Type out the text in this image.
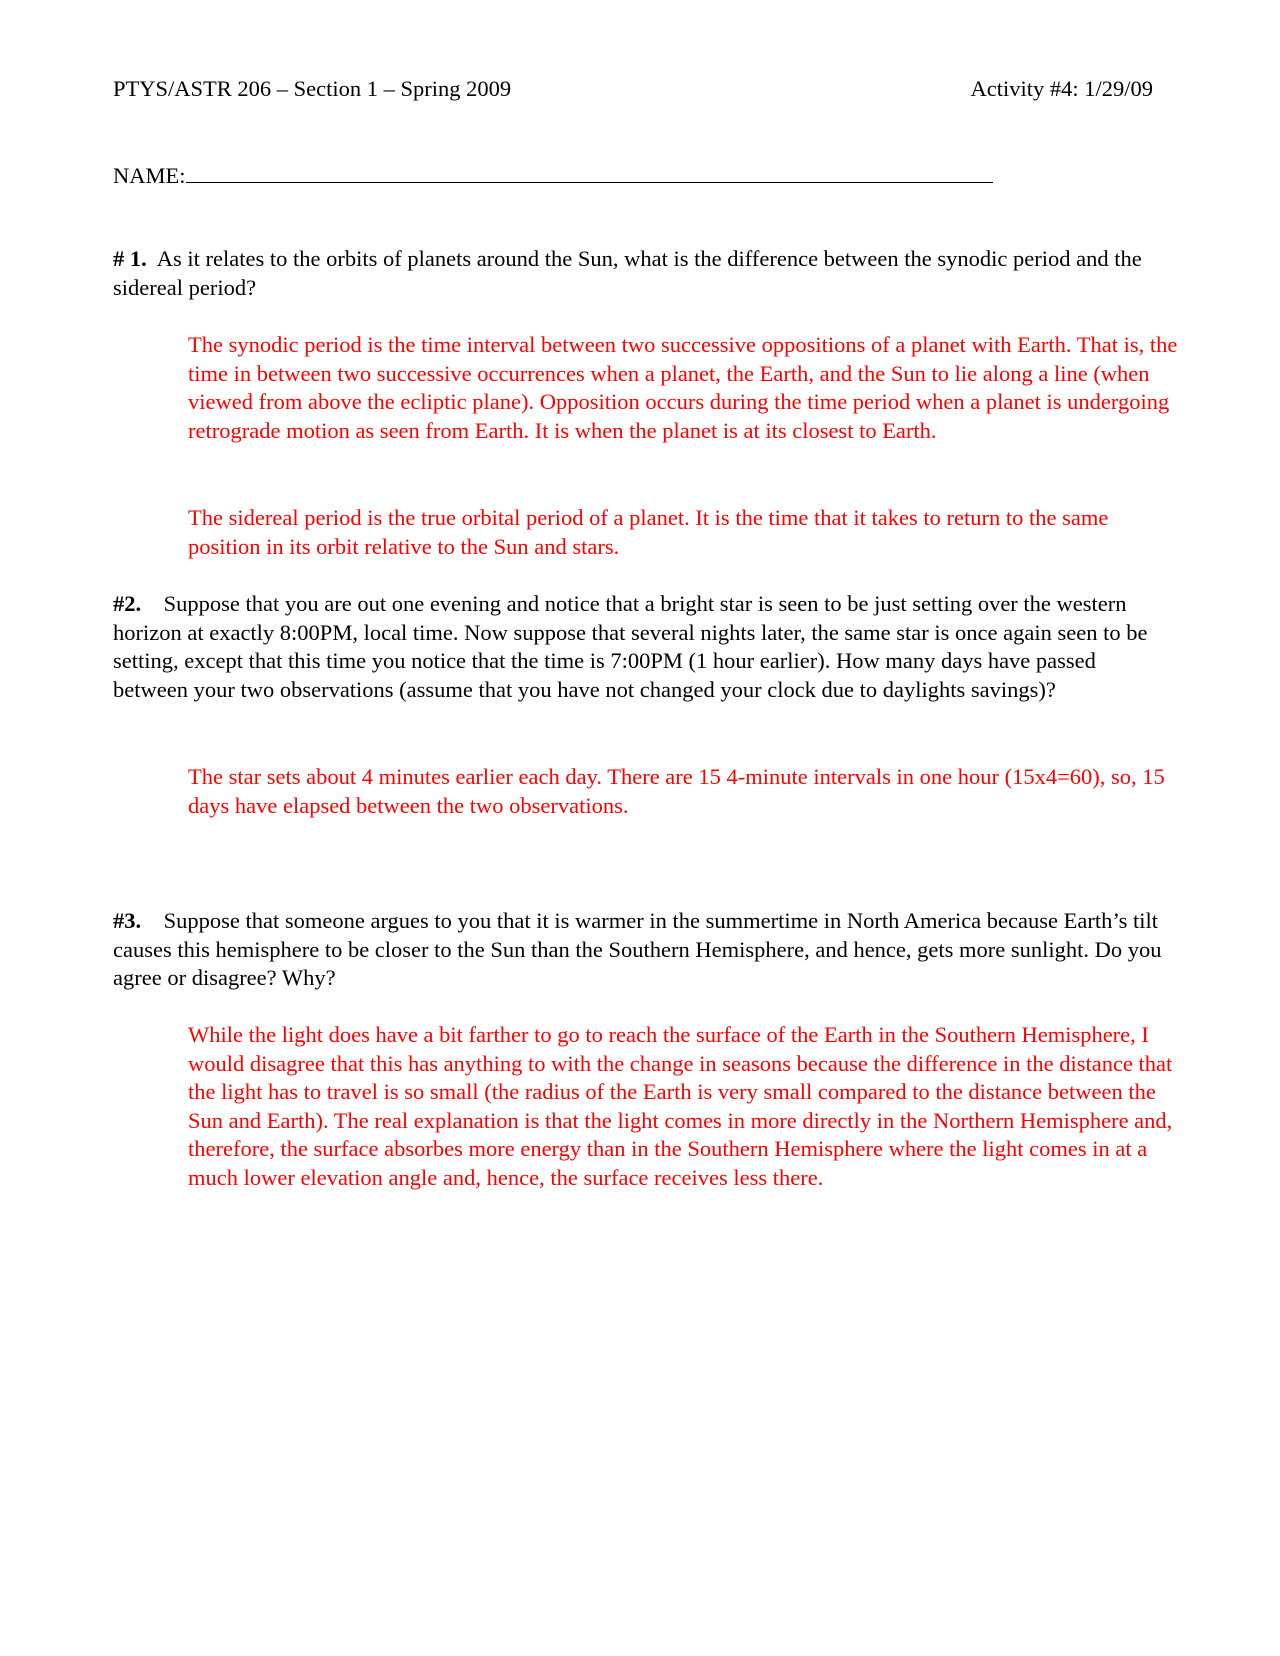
PTYS/ASTR 206 – Section 1 – Spring 2009	Activity #4: 1/29/09
NAME:
# 1. As it relates to the orbits of planets around the Sun, what is the difference between the synodic period and the sidereal period?
The synodic period is the time interval between two successive oppositions of a planet with Earth. That is, the time in between two successive occurrences when a planet, the Earth, and the Sun to lie along a line (when viewed from above the ecliptic plane). Opposition occurs during the time period when a planet is undergoing retrograde motion as seen from Earth. It is when the planet is at its closest to Earth.
The sidereal period is the true orbital period of a planet. It is the time that it takes to return to the same position in its orbit relative to the Sun and stars.
#2. Suppose that you are out one evening and notice that a bright star is seen to be just setting over the western horizon at exactly 8:00PM, local time. Now suppose that several nights later, the same star is once again seen to be setting, except that this time you notice that the time is 7:00PM (1 hour earlier). How many days have passed between your two observations (assume that you have not changed your clock due to daylights savings)?
The star sets about 4 minutes earlier each day. There are 15 4-minute intervals in one hour (15x4=60), so, 15 days have elapsed between the two observations.
#3. Suppose that someone argues to you that it is warmer in the summertime in North America because Earth’s tilt causes this hemisphere to be closer to the Sun than the Southern Hemisphere, and hence, gets more sunlight. Do you agree or disagree? Why?
While the light does have a bit farther to go to reach the surface of the Earth in the Southern Hemisphere, I would disagree that this has anything to with the change in seasons because the difference in the distance that the light has to travel is so small (the radius of the Earth is very small compared to the distance between the Sun and Earth). The real explanation is that the light comes in more directly in the Northern Hemisphere and, therefore, the surface absorbes more energy than in the Southern Hemisphere where the light comes in at a much lower elevation angle and, hence, the surface receives less there.
